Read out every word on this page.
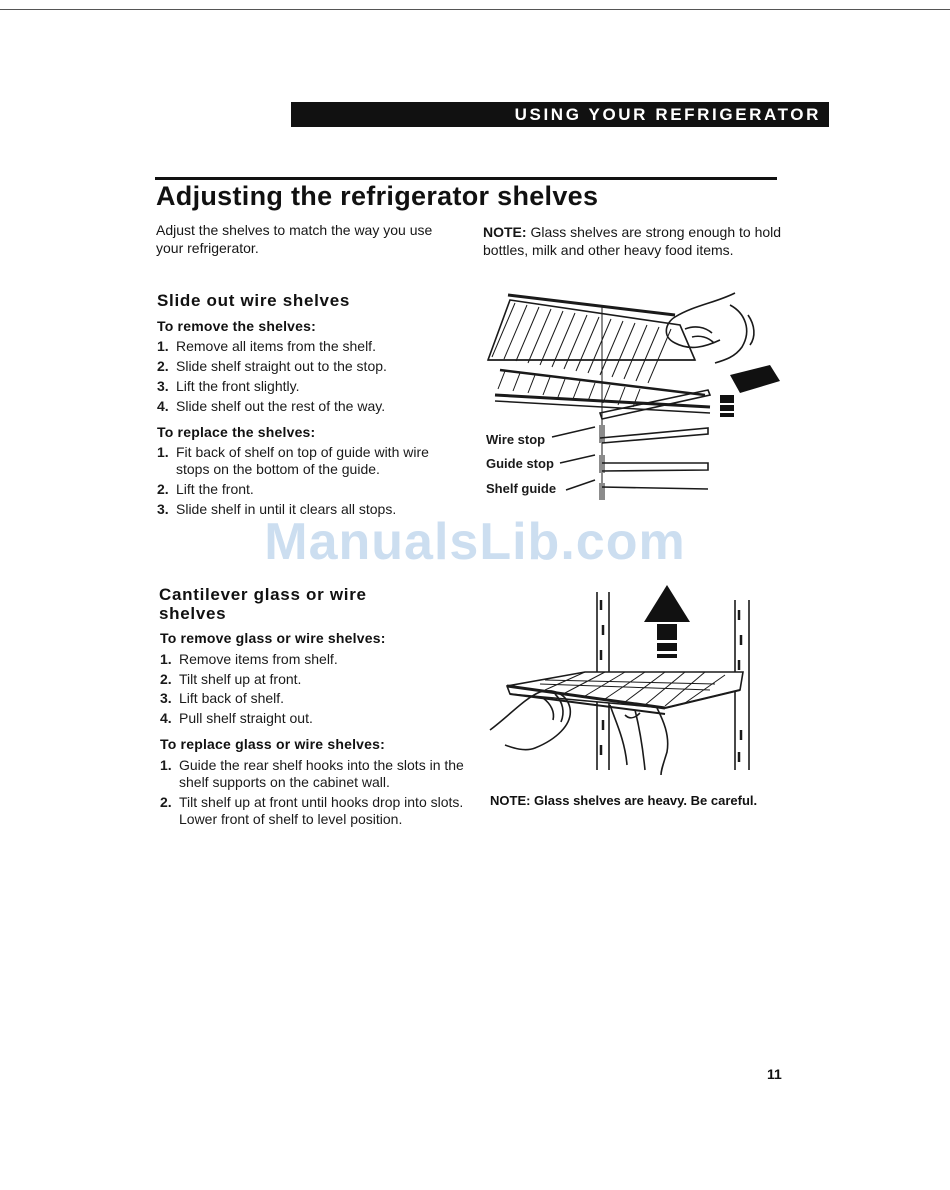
USING YOUR REFRIGERATOR
Adjusting the refrigerator shelves
Adjust the shelves to match the way you use your refrigerator.
NOTE: Glass shelves are strong enough to hold bottles, milk and other heavy food items.
Slide out wire shelves
To remove the shelves:
1. Remove all items from the shelf.
2. Slide shelf straight out to the stop.
3. Lift the front slightly.
4. Slide shelf out the rest of the way.
To replace the shelves:
1. Fit back of shelf on top of guide with wire stops on the bottom of the guide.
2. Lift the front.
3. Slide shelf in until it clears all stops.
Wire stop
Guide stop
Shelf guide
ManualsLib.com
Cantilever glass or wire shelves
To remove glass or wire shelves:
1. Remove items from shelf.
2. Tilt shelf up at front.
3. Lift back of shelf.
4. Pull shelf straight out.
To replace glass or wire shelves:
1. Guide the rear shelf hooks into the slots in the shelf supports on the cabinet wall.
2. Tilt shelf up at front until hooks drop into slots. Lower front of shelf to level position.
NOTE: Glass shelves are heavy. Be careful.
11
